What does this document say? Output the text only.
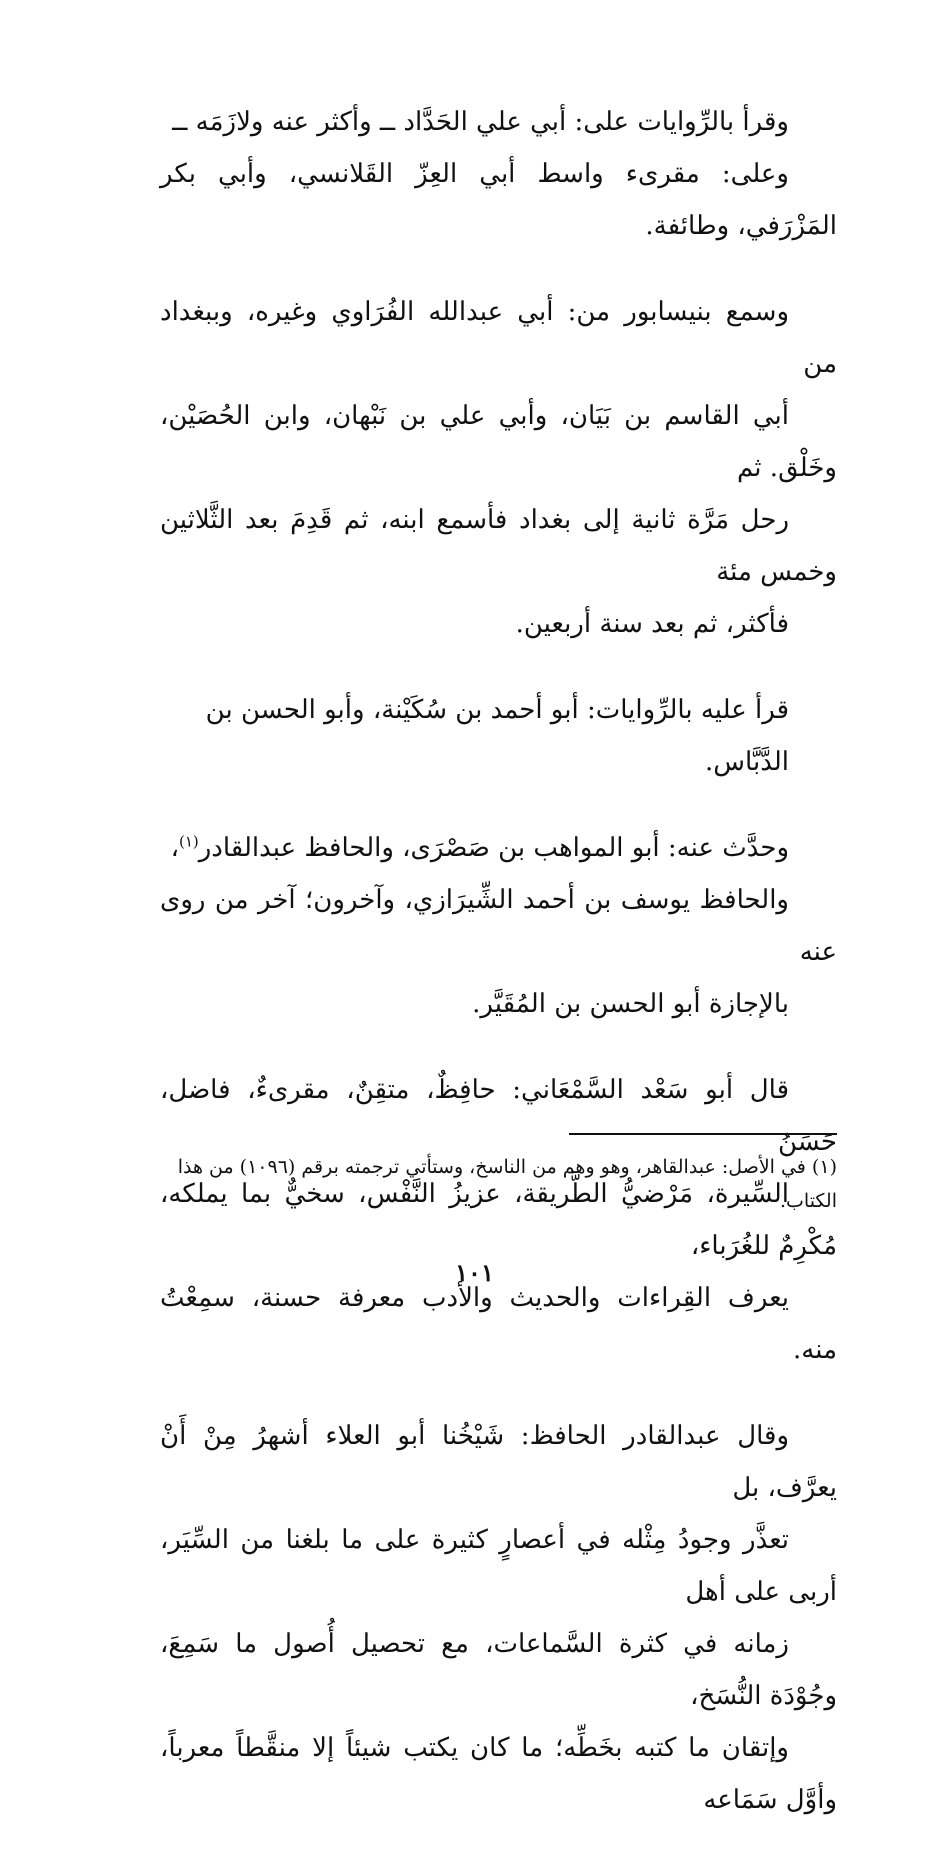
وقرأ بالرِّوايات على: أبي علي الحَدَّاد ــ وأكثر عنه ولازَمَه ــ
وعلى: مقرىء واسط أبي العِزّ القَلانسي، وأبي بكر المَزْرَفي، وطائفة.

وسمع بنيسابور من: أبي عبدالله الفُرَاوي وغيره، وببغداد من
أبي القاسم بن بَيَان، وأبي علي بن نَبْهان، وابن الحُصَيْن، وخَلْق. ثم
رحل مَرَّة ثانية إلى بغداد فأسمع ابنه، ثم قَدِمَ بعد الثَّلاثين وخمس مئة
فأكثر، ثم بعد سنة أربعين.

قرأ عليه بالرِّوايات: أبو أحمد بن سُكَيْنة، وأبو الحسن بن
الدَّبَّاس.

وحدَّث عنه: أبو المواهب بن صَصْرَى، والحافظ عبدالقادر$^{(١)}$،
والحافظ يوسف بن أحمد الشِّيرَازي، وآخرون؛ آخر من روى عنه
بالإجازة أبو الحسن بن المُقَيَّر.

قال أبو سَعْد السَّمْعَاني: حافِظٌ، متقِنٌ، مقرىءٌ، فاضل، حَسَنُ
السِّيرة، مَرْضيُّ الطَّريقة، عزيزُ النَّفْس، سخيٌّ بما يملكه، مُكْرِمٌ للغُرَباء،
يعرف القِراءات والحديث والأدب معرفة حسنة، سمِعْتُ منه.

وقال عبدالقادر الحافظ: شَيْخُنا أبو العلاء أشهرُ مِنْ أَنْ يعرَّف، بل
تعذَّر وجودُ مِثْله في أعصارٍ كثيرة على ما بلغنا من السِّيَر، أربى على أهل
زمانه في كثرة السَّماعات، مع تحصيل أُصول ما سَمِعَ، وجُوْدَة النُّسَخ،
وإتقان ما كتبه بخَطِّه؛ ما كان يكتب شيئاً إلا منقَّطاً معرباً، وأوَّل سَمَاعه

(١) في الأصل: عبدالقاهر، وهو وهم من الناسخ، وستأتي ترجمته برقم (١٠٩٦) من هذا
الكتاب.
١٠١
